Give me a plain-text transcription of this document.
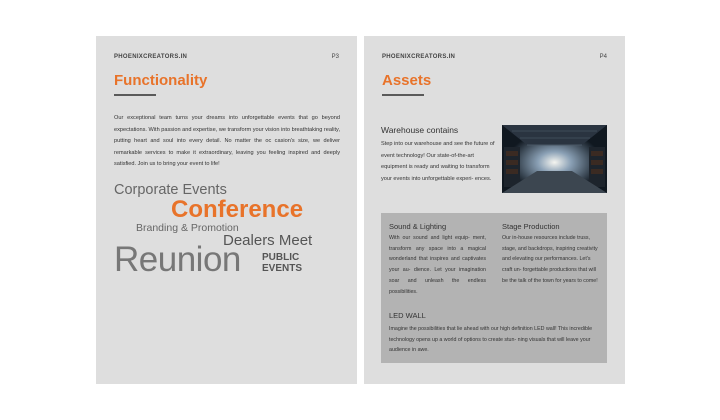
PHOENIXCREATORS.IN	P3
Functionality
Our exceptional team turns your dreams into unforgettable events that go beyond expectations. With passion and expertise, we transform your vision into breathtaking reality, putting heart and soul into every detail. No matter the oc casion's size, we deliver remarkable services to make it extraordinary, leaving you feeling inspired and deeply satisfied. Join us to bring your event to life!
Corporate Events
Conference
Branding & Promotion
Dealers Meet
Reunion PUBLIC
EVENTS
PHOENIXCREATORS.IN	P4
Assets
Warehouse contains
Step into our warehouse and see the future of event technology! Our state-of-the-art equipment is ready and waiting to transform your events into unforgettable experi- ences.
Sound & Lighting
With our sound and light equip- ment, transform any space into a magical wonderland that inspires and captivates your au- dience. Let your imagination soar and unleash the endless possibilities.
Stage Production
Our in-house resources include truss, stage, and backdrops, inspiring creativity and elevating our performances. Let's craft un- forgettable productions that will be the talk of the town for years to come!
LED WALL
Imagine the possibilities that lie ahead with our high definition LED wall! This incredible technology opens up a world of options to create stun- ning visuals that will leave your audience in awe.
